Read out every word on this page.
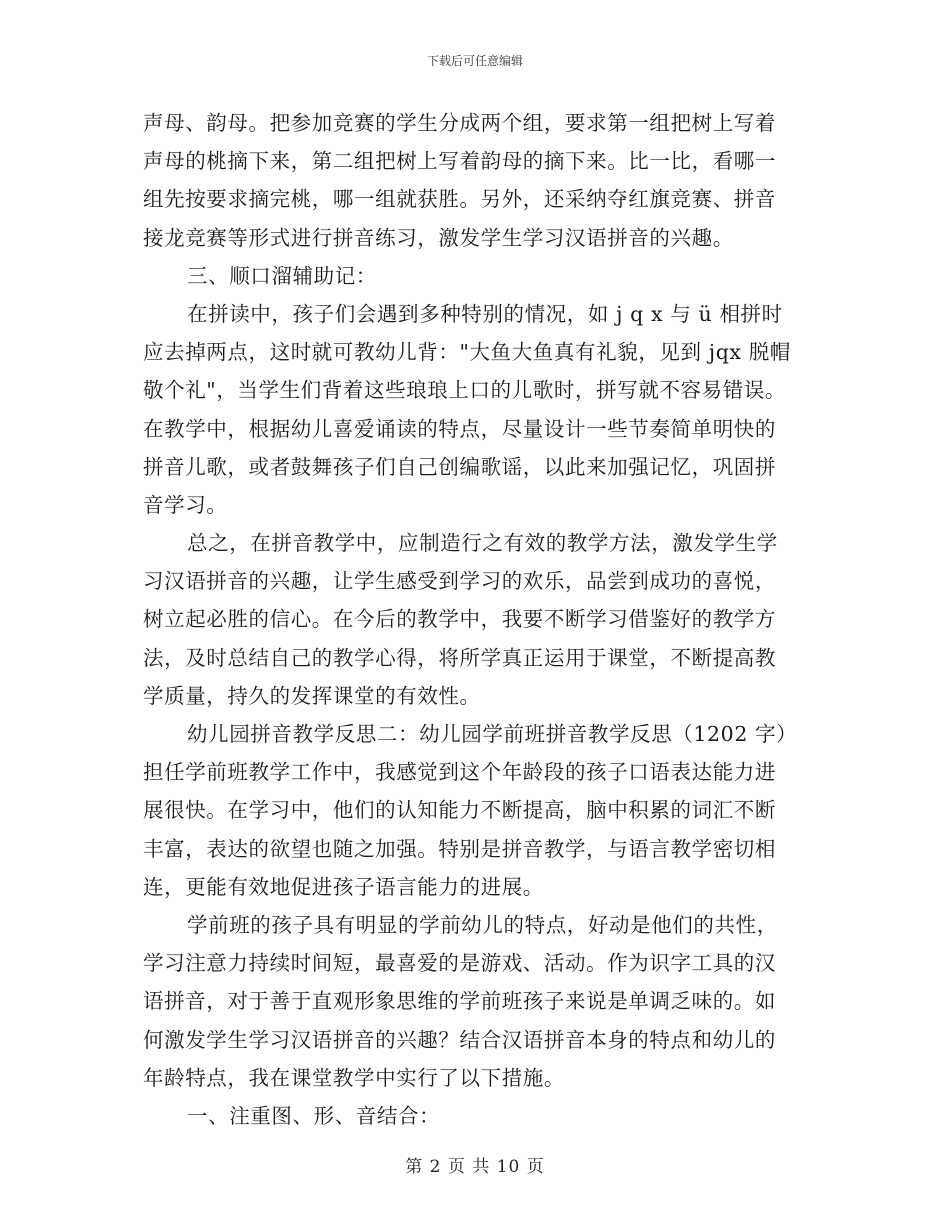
下载后可任意编辑

声母、韵母。把参加竞赛的学生分成两个组，要求第一组把树上写着
声母的桃摘下来，第二组把树上写着韵母的摘下来。比一比，看哪一
组先按要求摘完桃，哪一组就获胜。另外，还采纳夺红旗竞赛、拼音
接龙竞赛等形式进行拼音练习，激发学生学习汉语拼音的兴趣。

三、顺口溜辅助记：

在拼读中，孩子们会遇到多种特别的情况，如 j q x 与 ü 相拼时
应去掉两点，这时就可教幼儿背："大鱼大鱼真有礼貌，见到 jqx 脱帽
敬个礼"，当学生们背着这些琅琅上口的儿歌时，拼写就不容易错误。
在教学中，根据幼儿喜爱诵读的特点，尽量设计一些节奏简单明快的
拼音儿歌，或者鼓舞孩子们自己创编歌谣，以此来加强记忆，巩固拼
音学习。

总之，在拼音教学中，应制造行之有效的教学方法，激发学生学
习汉语拼音的兴趣，让学生感受到学习的欢乐，品尝到成功的喜悦，
树立起必胜的信心。在今后的教学中，我要不断学习借鉴好的教学方
法，及时总结自己的教学心得，将所学真正运用于课堂，不断提高教
学质量，持久的发挥课堂的有效性。

幼儿园拼音教学反思二：幼儿园学前班拼音教学反思（1202 字）
担任学前班教学工作中，我感觉到这个年龄段的孩子口语表达能力进
展很快。在学习中，他们的认知能力不断提高，脑中积累的词汇不断
丰富，表达的欲望也随之加强。特别是拼音教学，与语言教学密切相
连，更能有效地促进孩子语言能力的进展。

学前班的孩子具有明显的学前幼儿的特点，好动是他们的共性，
学习注意力持续时间短，最喜爱的是游戏、活动。作为识字工具的汉
语拼音，对于善于直观形象思维的学前班孩子来说是单调乏味的。如
何激发学生学习汉语拼音的兴趣？结合汉语拼音本身的特点和幼儿的
年龄特点，我在课堂教学中实行了以下措施。

一、注重图、形、音结合：

第 2 页 共 10 页
